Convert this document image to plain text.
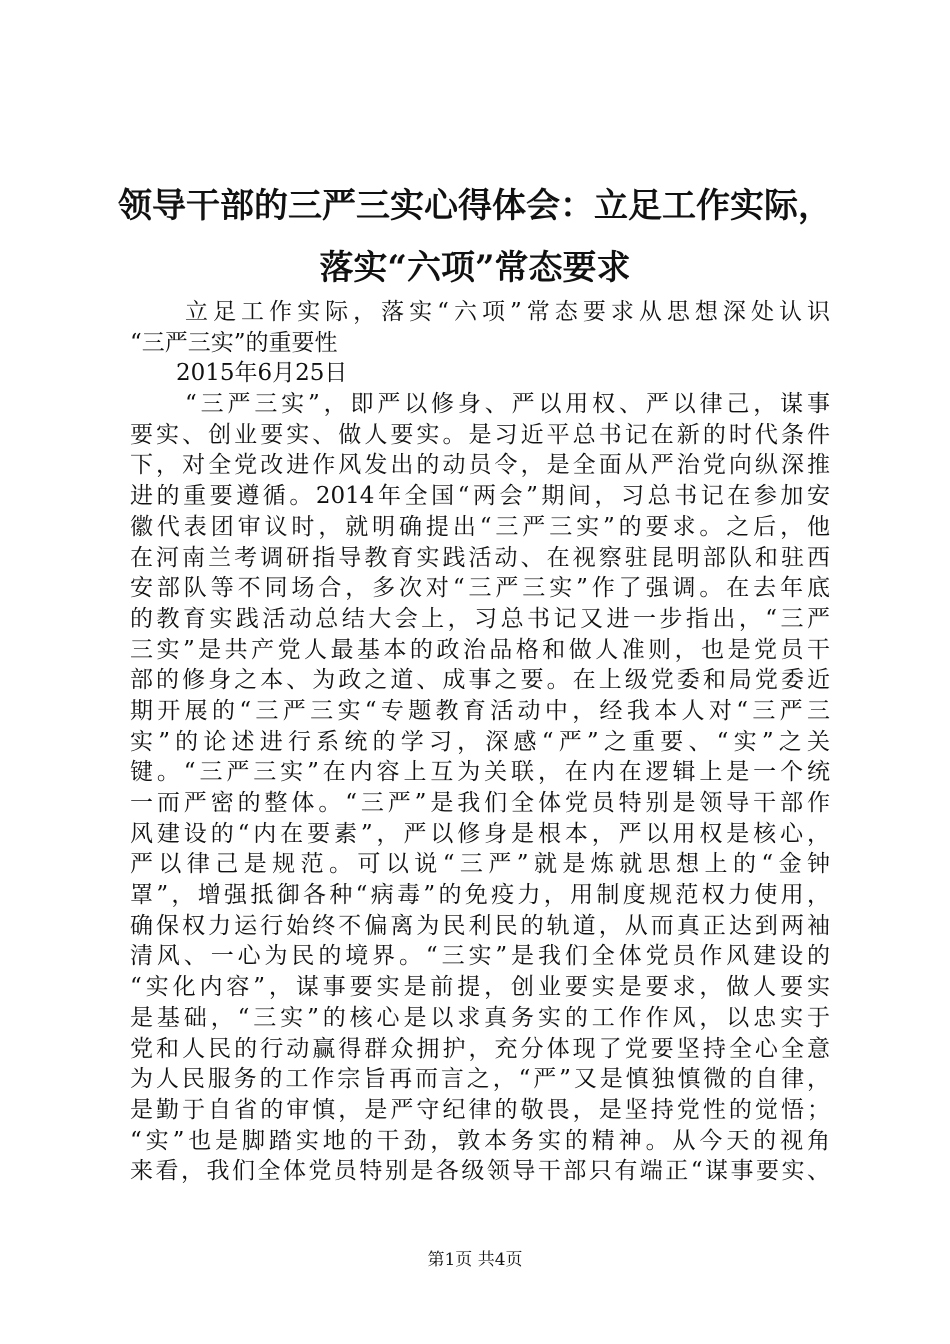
领导干部的三严三实心得体会：立足工作实际，
落实“六项”常态要求
立足工作实际，落实“六项”常态要求从思想深处认识
“三严三实”的重要性
2015年6月25日
“三严三实”，即严以修身、严以用权、严以律己，谋事
要实、创业要实、做人要实。是习近平总书记在新的时代条件
下，对全党改进作风发出的动员令，是全面从严治党向纵深推
进的重要遵循。2014年全国“两会”期间，习总书记在参加安
徽代表团审议时，就明确提出“三严三实”的要求。之后，他
在河南兰考调研指导教育实践活动、在视察驻昆明部队和驻西
安部队等不同场合，多次对“三严三实”作了强调。在去年底
的教育实践活动总结大会上，习总书记又进一步指出，“三严
三实”是共产党人最基本的政治品格和做人准则，也是党员干
部的修身之本、为政之道、成事之要。在上级党委和局党委近
期开展的“三严三实“专题教育活动中，经我本人对“三严三
实”的论述进行系统的学习，深感“严”之重要、“实”之关
键。“三严三实”在内容上互为关联，在内在逻辑上是一个统
一而严密的整体。“三严”是我们全体党员特别是领导干部作
风建设的“内在要素”，严以修身是根本，严以用权是核心，
严以律己是规范。可以说“三严”就是炼就思想上的“金钟
罩”，增强抵御各种“病毒”的免疫力，用制度规范权力使用，
确保权力运行始终不偏离为民利民的轨道，从而真正达到两袖
清风、一心为民的境界。“三实”是我们全体党员作风建设的
“实化内容”，谋事要实是前提，创业要实是要求，做人要实
是基础，“三实”的核心是以求真务实的工作作风，以忠实于
党和人民的行动赢得群众拥护，充分体现了党要坚持全心全意
为人民服务的工作宗旨再而言之，“严”又是慎独慎微的自律，
是勤于自省的审慎，是严守纪律的敬畏，是坚持党性的觉悟；
“实”也是脚踏实地的干劲，敦本务实的精神。从今天的视角
来看，我们全体党员特别是各级领导干部只有端正“谋事要实、
第1页 共4页
